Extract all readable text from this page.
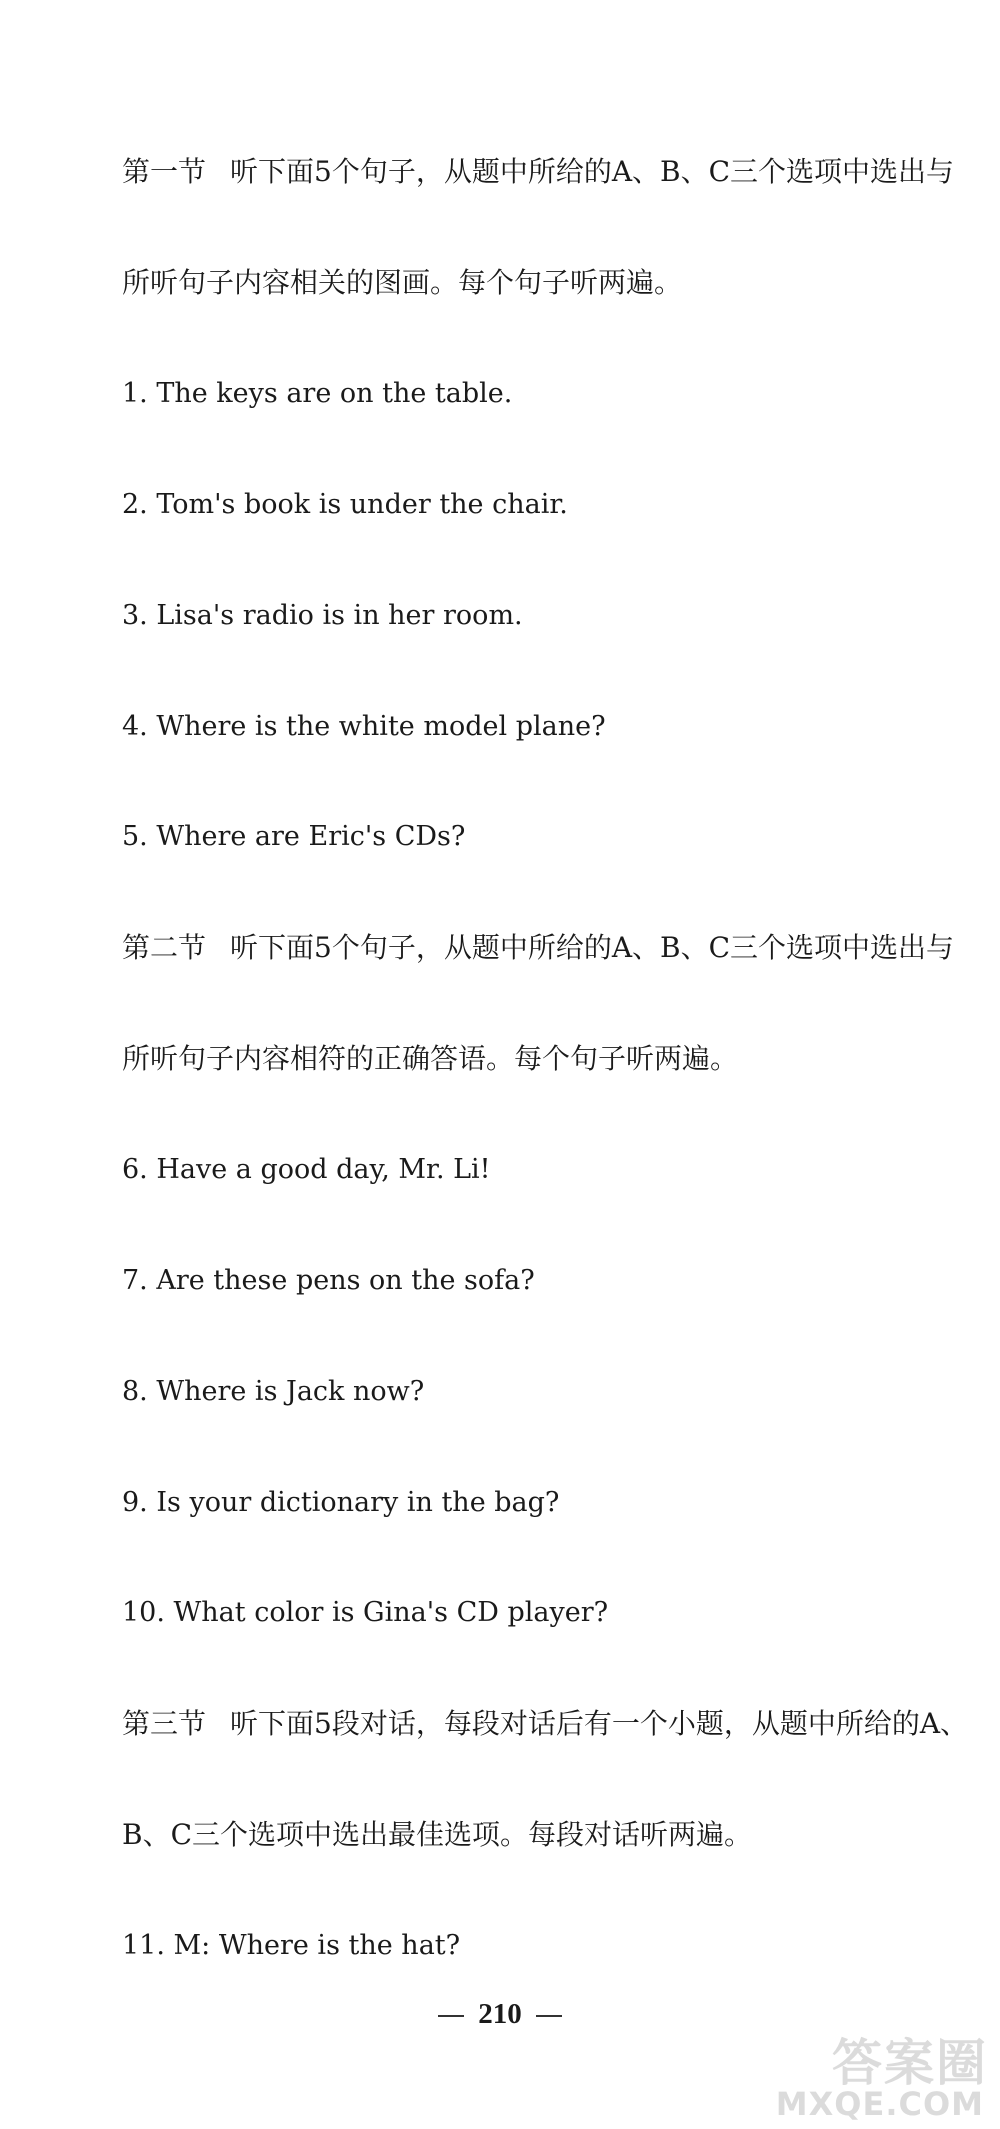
第一节 听下面5个句子，从题中所给的A、B、C三个选项中选出与
所听句子内容相关的图画。每个句子听两遍。
1. The keys are on the table.
2. Tom's book is under the chair.
3. Lisa's radio is in her room.
4. Where is the white model plane?
5. Where are Eric's CDs?
第二节 听下面5个句子，从题中所给的A、B、C三个选项中选出与
所听句子内容相符的正确答语。每个句子听两遍。
6. Have a good day, Mr. Li!
7. Are these pens on the sofa?
8. Where is Jack now?
9. Is your dictionary in the bag?
10. What color is Gina's CD player?
第三节 听下面5段对话，每段对话后有一个小题，从题中所给的A、
B、C三个选项中选出最佳选项。每段对话听两遍。
11. M: Where is the hat?
210
答案圈
MXQE.COM
